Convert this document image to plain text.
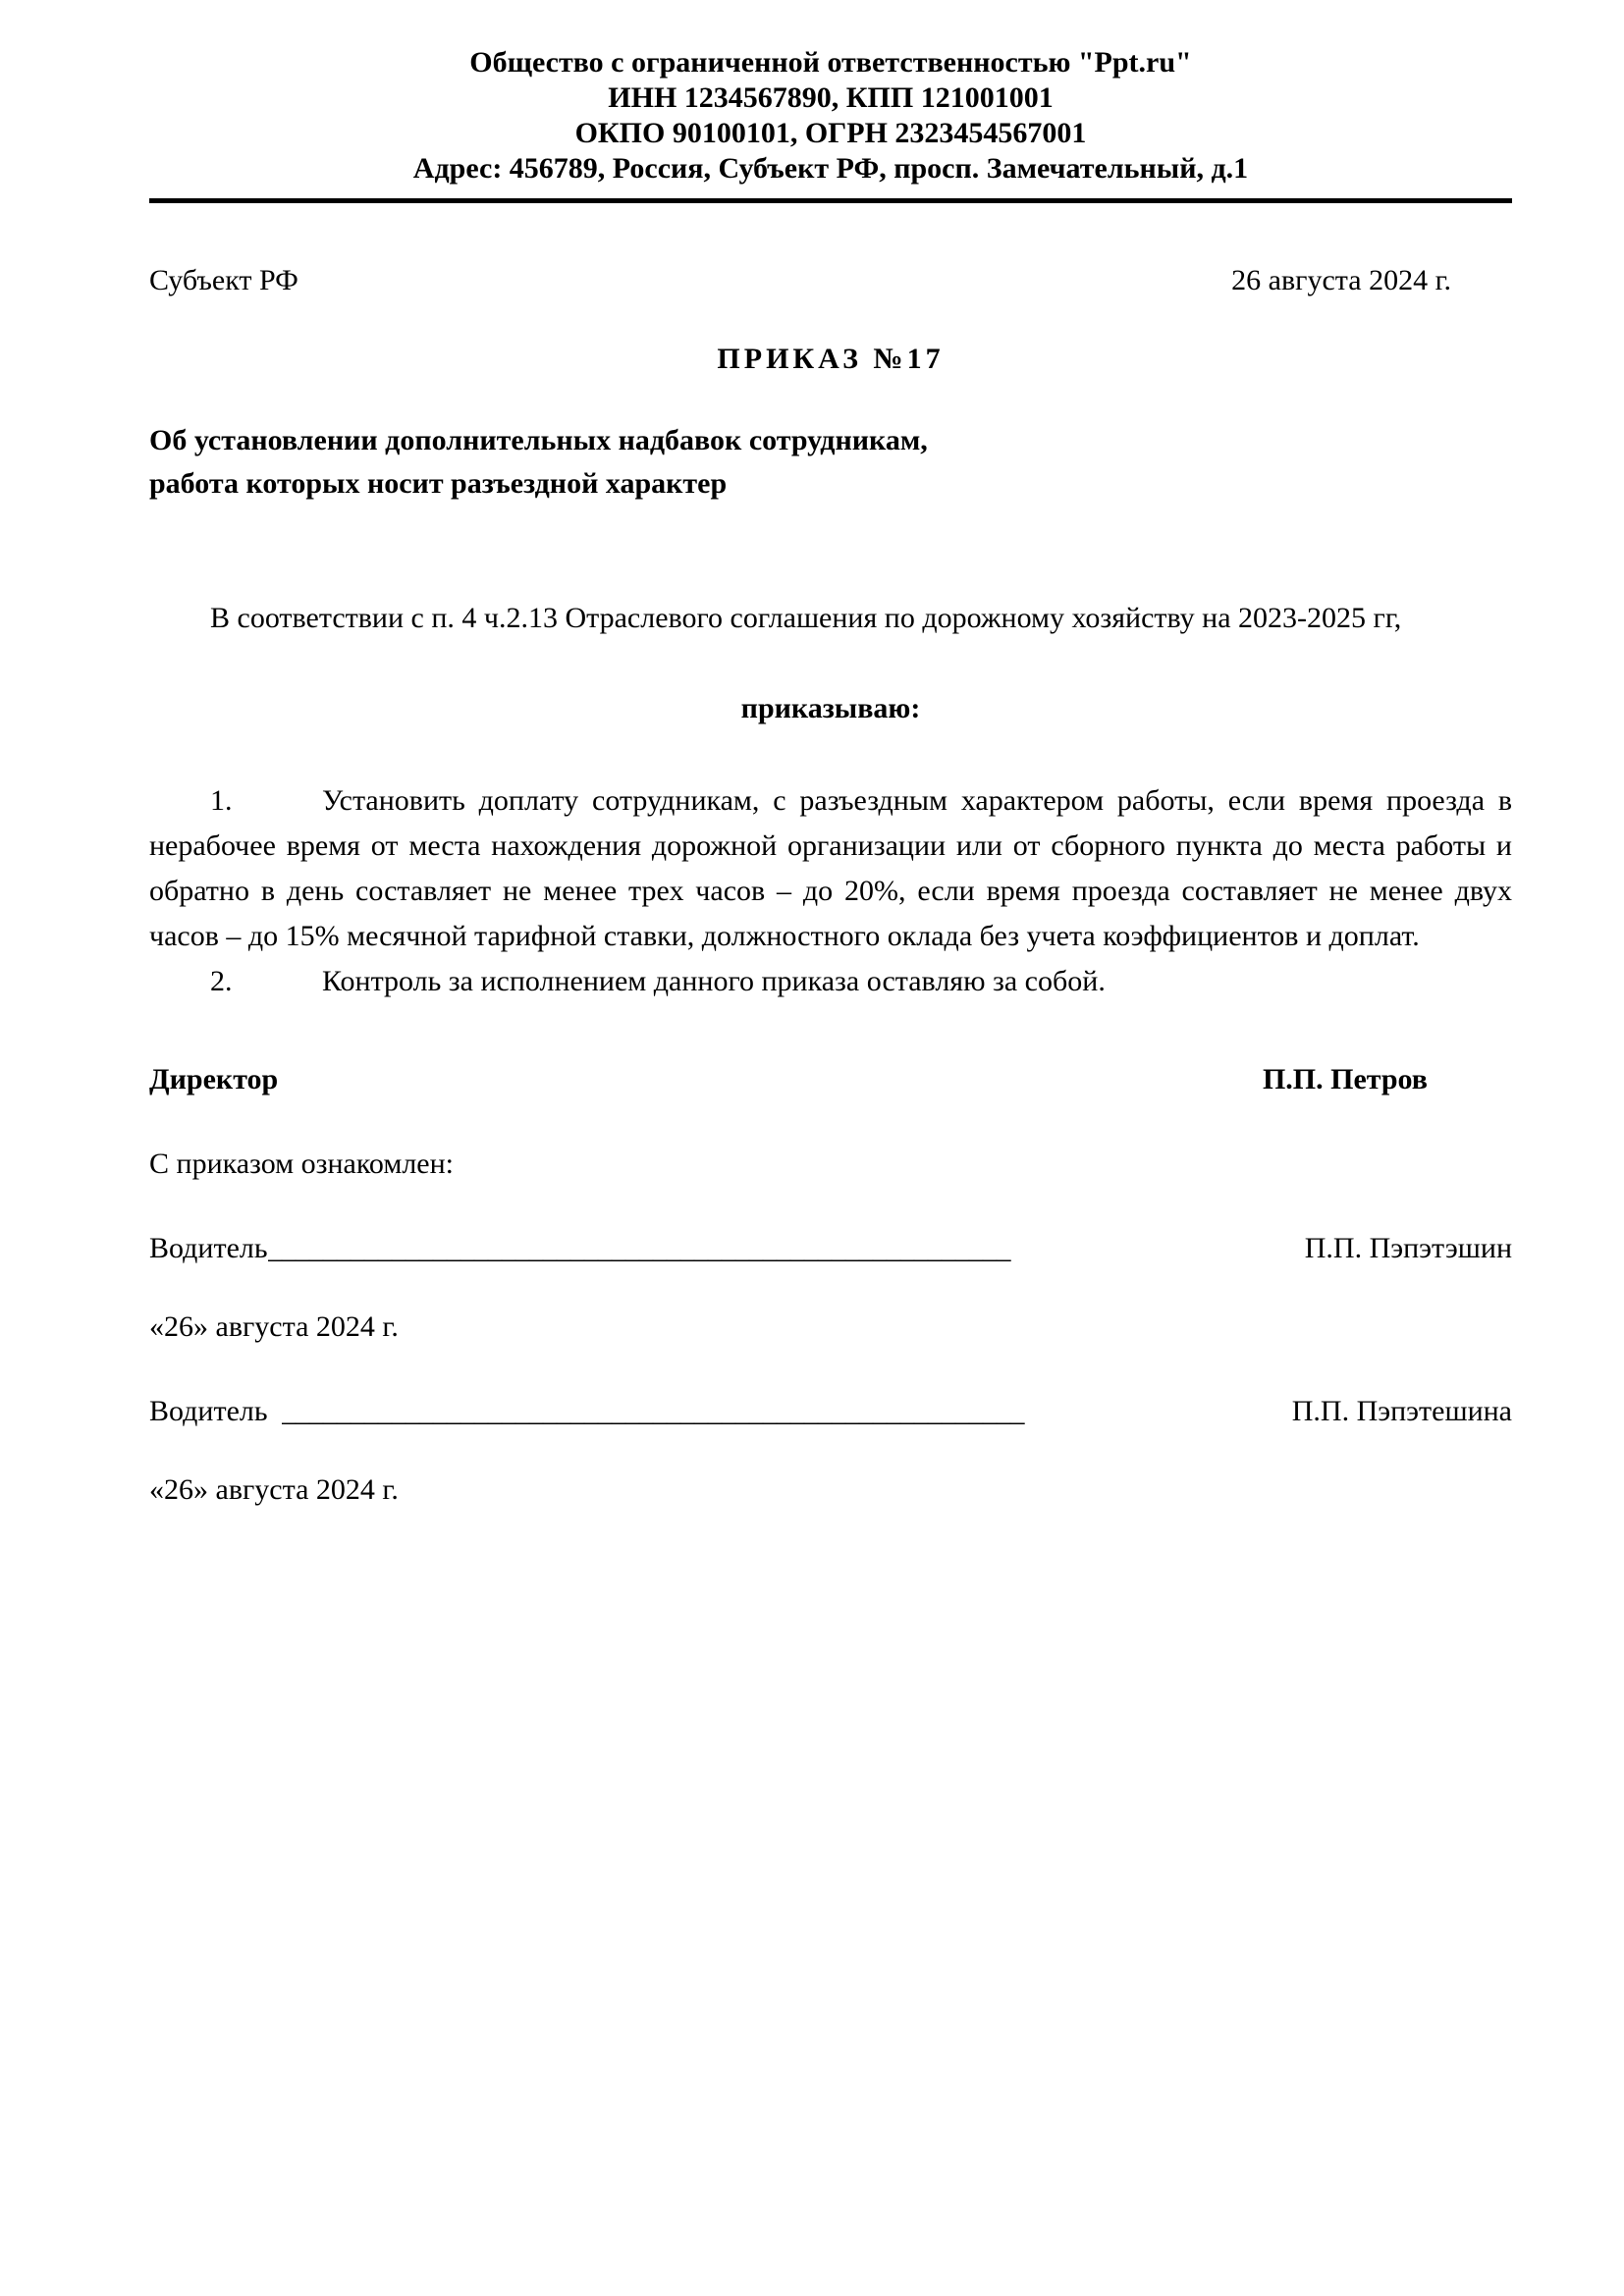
Общество с ограниченной ответственностью "Ppt.ru"
ИНН 1234567890, КПП 121001001
ОКПО 90100101, ОГРН 2323454567001
Адрес: 456789, Россия, Субъект РФ, просп. Замечательный, д.1
Субъект РФ	26 августа 2024 г.
ПРИКАЗ №17
Об установлении дополнительных надбавок сотрудникам,
работа которых носит разъездной характер
В соответствии с п. 4 ч.2.13 Отраслевого соглашения по дорожному хозяйству на 2023-2025 гг,
приказываю:
1.	Установить доплату сотрудникам, с разъездным характером работы, если время проезда в нерабочее время от места нахождения дорожной организации или от сборного пункта до места работы и обратно в день составляет не менее трех часов – до 20%, если время проезда составляет не менее двух часов – до 15% месячной тарифной ставки, должностного оклада без учета коэффициентов и доплат.
2.	Контроль за исполнением данного приказа оставляю за собой.
Директор	П.П. Петров
С приказом ознакомлен:
Водитель ______________________________________________________	П.П. Пэпэтэшин
«26» августа 2024 г.
Водитель ______________________________________________________	П.П. Пэпэтешина
«26» августа 2024 г.
